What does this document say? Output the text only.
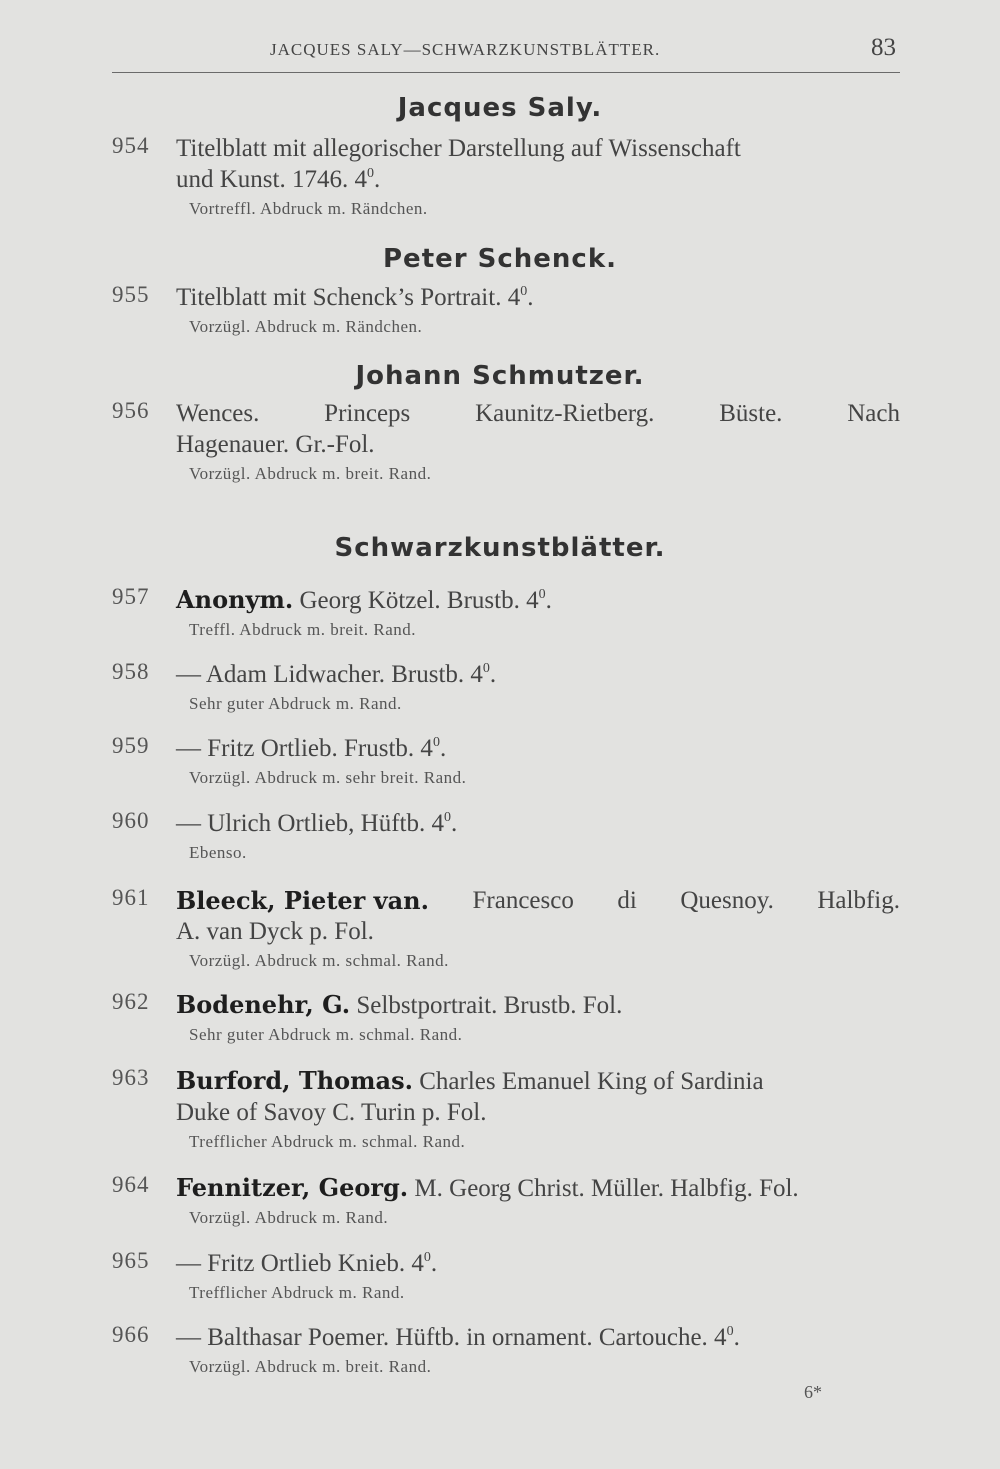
JACQUES SALY—SCHWARZKUNSTBLÄTTER.	83
Jacques Saly.
954 Titelblatt mit allegorischer Darstellung auf Wissenschaft
und Kunst. 1746. $4^0$.
Vortreffl. Abdruck m. Rändchen.
Peter Schenck.
955 Titelblatt mit Schenck’s Portrait. $4^0$.
Vorzügl. Abdruck m. Rändchen.
Johann Schmutzer.
956 Wences.	Princeps	Kaunitz-Rietberg.	Büste.	Nach
Hagenauer. Gr.-Fol.
Vorzügl. Abdruck m. breit. Rand.
Schwarzkunstblätter.
957 Anonym. Georg Kötzel. Brustb. $4^0$.
Treffl. Abdruck m. breit. Rand.
958 — Adam Lidwacher. Brustb. $4^0$.
Sehr guter Abdruck m. Rand.
959 — Fritz Ortlieb. Frustb. $4^0$.
Vorzügl. Abdruck m. sehr breit. Rand.
960 — Ulrich Ortlieb, Hüftb. $4^0$.
Ebenso.
961 Bleeck, Pieter van. Francesco di Quesnoy. Halbfig.
A. van Dyck p. Fol.
Vorzügl. Abdruck m. schmal. Rand.
962 Bodenehr, G. Selbstportrait. Brustb. Fol.
Sehr guter Abdruck m. schmal. Rand.
963 Burford, Thomas. Charles Emanuel King of Sardinia
Duke of Savoy C. Turin p. Fol.
Trefflicher Abdruck m. schmal. Rand.
964 Fennitzer, Georg. M. Georg Christ. Müller. Halbfig. Fol.
Vorzügl. Abdruck m. Rand.
965 — Fritz Ortlieb Knieb. $4^0$.
Trefflicher Abdruck m. Rand.
966 — Balthasar Poemer. Hüftb. in ornament. Cartouche. $4^0$.
Vorzügl. Abdruck m. breit. Rand.
6*
